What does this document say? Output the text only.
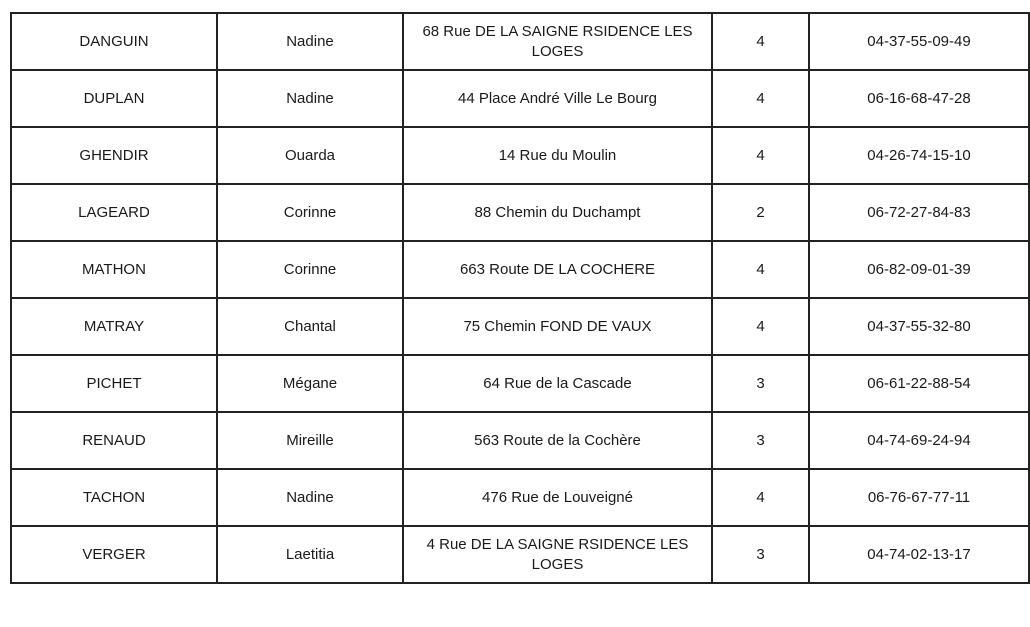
DANGUIN	Nadine	68 Rue DE LA SAIGNE RSIDENCE LES LOGES	4	04-37-55-09-49
DUPLAN	Nadine	44 Place André Ville Le Bourg	4	06-16-68-47-28
GHENDIR	Ouarda	14 Rue du Moulin	4	04-26-74-15-10
LAGEARD	Corinne	88 Chemin du Duchampt	2	06-72-27-84-83
MATHON	Corinne	663 Route DE LA COCHERE	4	06-82-09-01-39
MATRAY	Chantal	75 Chemin FOND DE VAUX	4	04-37-55-32-80
PICHET	Mégane	64 Rue de la Cascade	3	06-61-22-88-54
RENAUD	Mireille	563 Route de la Cochère	3	04-74-69-24-94
TACHON	Nadine	476 Rue de Louveigné	4	06-76-67-77-11
VERGER	Laetitia	4 Rue DE LA SAIGNE RSIDENCE LES LOGES	3	04-74-02-13-17
